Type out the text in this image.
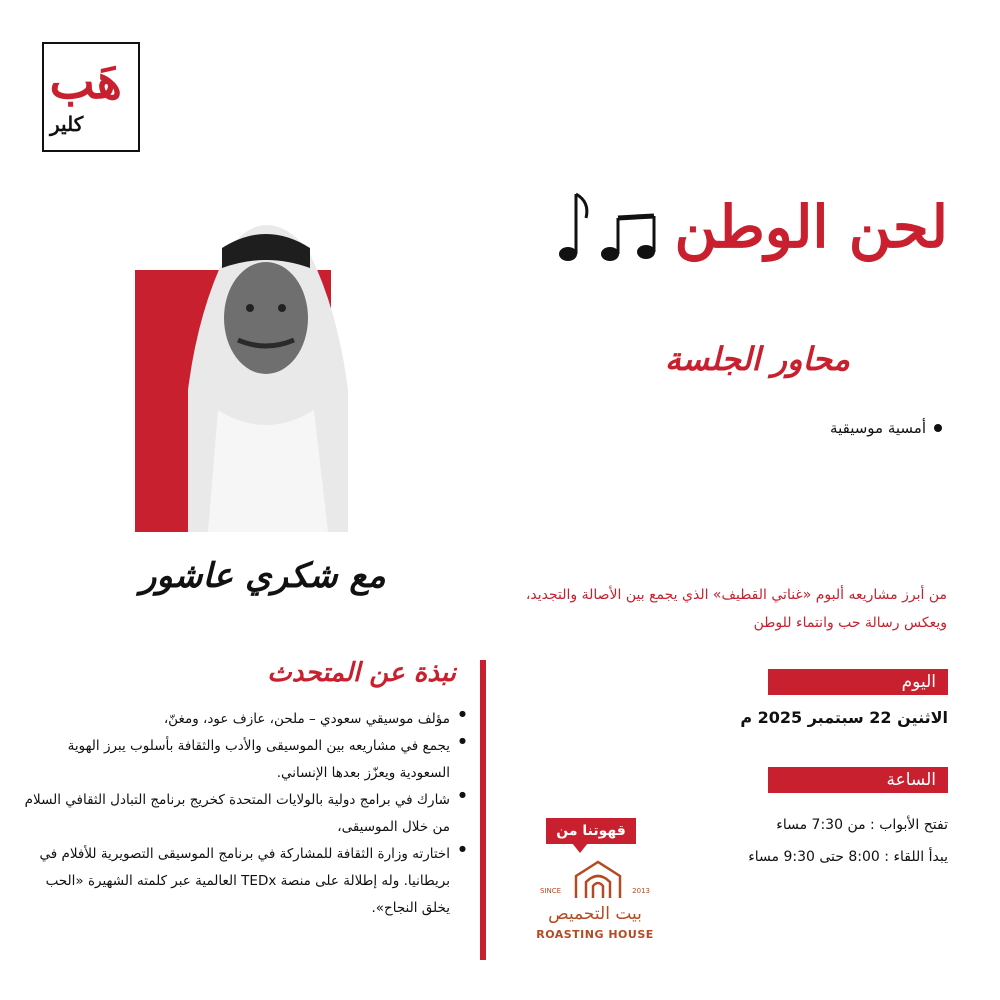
هَب
كلير
لحن الوطن
مع شكري عاشور
محاور الجلسة
أمسية موسيقية
من أبرز مشاريعه ألبوم «غناتي القطيف» الذي يجمع بين الأصالة والتجديد،
ويعكس رسالة حب وانتماء للوطن
اليوم
الاثنين 22 سبتمبر 2025 م
الساعة
تفتح الأبواب : من 7:30 مساء
يبدأ اللقاء : 8:00 حتى 9:30 مساء
نبذة عن المتحدث
● مؤلف موسيقي سعودي – ملحن، عازف عود، ومغنّ،
● يجمع في مشاريعه بين الموسيقى والأدب والثقافة بأسلوب يبرز الهوية السعودية ويعزّز بعدها الإنساني.
● شارك في برامج دولية بالولايات المتحدة كخريج برنامج التبادل الثقافي السلام من خلال الموسيقى،
● اختارته وزارة الثقافة للمشاركة في برنامج الموسيقى التصويرية للأفلام في بريطانيا. وله إطلالة على منصة TEDx العالمية عبر كلمته الشهيرة «الحب يخلق النجاح».
قهوتنا من
SINCE	2013
بيت التحميص
ROASTING HOUSE
